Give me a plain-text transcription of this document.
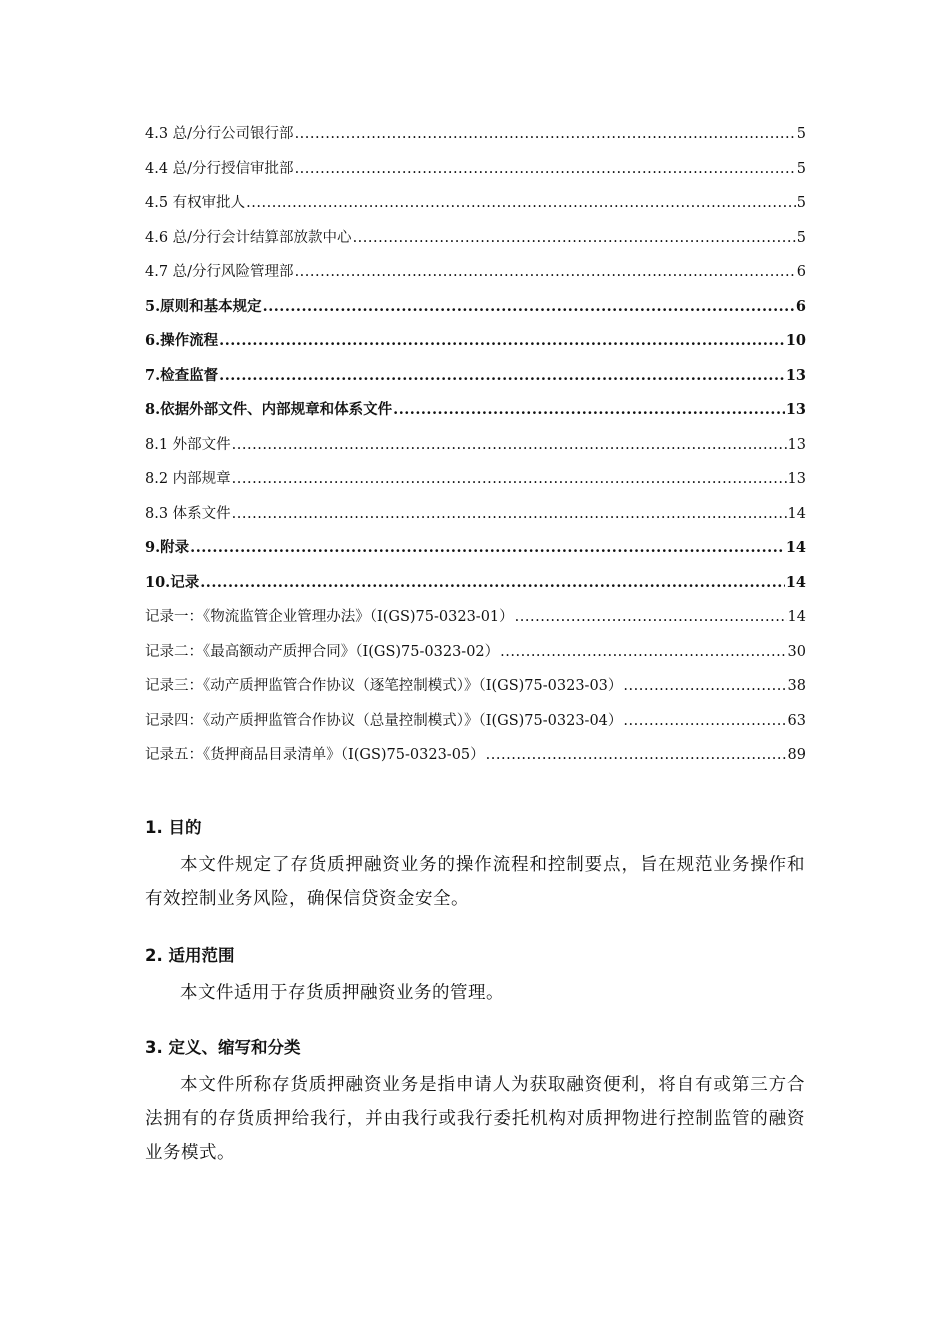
4.3 总/分行公司银行部 .....	5
4.4 总/分行授信审批部 .....	5
4.5 有权审批人 .....	5
4.6 总/分行会计结算部放款中心 .....	5
4.7 总/分行风险管理部 .....	6
5.原则和基本规定 .....	6
6.操作流程 .....	10
7.检查监督 .....	13
8.依据外部文件、内部规章和体系文件 .....	13
8.1 外部文件 .....	13
8.2 内部规章 .....	13
8.3 体系文件 .....	14
9.附录 .....	14
10.记录 .....	14
记录一：《物流监管企业管理办法》（I(GS)75-0323-01） .....	14
记录二：《最高额动产质押合同》（I(GS)75-0323-02） .....	30
记录三：《动产质押监管合作协议（逐笔控制模式）》（I(GS)75-0323-03） .....	38
记录四：《动产质押监管合作协议（总量控制模式）》（I(GS)75-0323-04） .....	63
记录五：《货押商品目录清单》（I(GS)75-0323-05） .....	89
1. 目的

本文件规定了存货质押融资业务的操作流程和控制要点，旨在规范业务操作和有效控制业务风险，确保信贷资金安全。

2. 适用范围

本文件适用于存货质押融资业务的管理。

3. 定义、缩写和分类

本文件所称存货质押融资业务是指申请人为获取融资便利，将自有或第三方合法拥有的存货质押给我行，并由我行或我行委托机构对质押物进行控制监管的融资业务模式。
